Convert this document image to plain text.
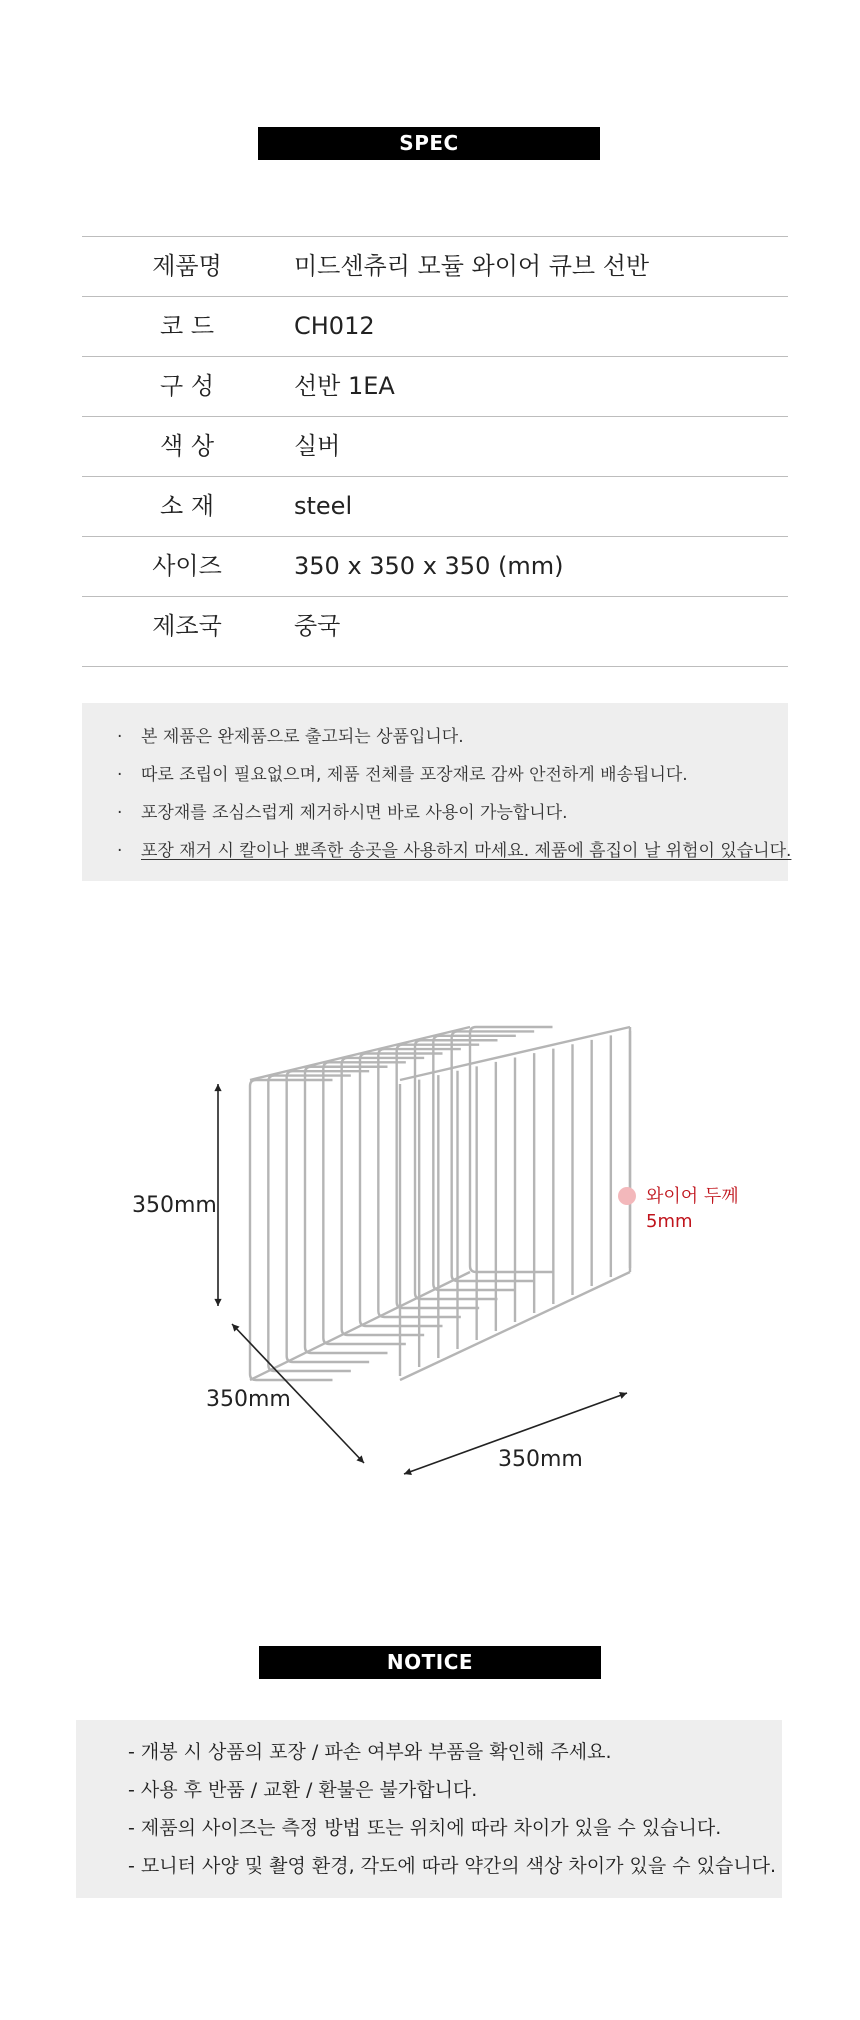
SPEC
제품명	미드센츄리 모듈 와이어 큐브 선반
코 드	CH012
구 성	선반 1EA
색 상	실버
소 재	steel
사이즈	350 x 350 x 350 (mm)
제조국	중국
· 본 제품은 완제품으로 출고되는 상품입니다.
· 따로 조립이 필요없으며, 제품 전체를 포장재로 감싸 안전하게 배송됩니다.
· 포장재를 조심스럽게 제거하시면 바로 사용이 가능합니다.
· 포장 재거 시 칼이나 뾰족한 송곳을 사용하지 마세요. 제품에 흠집이 날 위험이 있습니다.
350mm
350mm
350mm
와이어 두께
5mm
NOTICE
- 개봉 시 상품의 포장 / 파손 여부와 부품을 확인해 주세요.
- 사용 후 반품 / 교환 / 환불은 불가합니다.
- 제품의 사이즈는 측정 방법 또는 위치에 따라 차이가 있을 수 있습니다.
- 모니터 사양 및 촬영 환경, 각도에 따라 약간의 색상 차이가 있을 수 있습니다.
